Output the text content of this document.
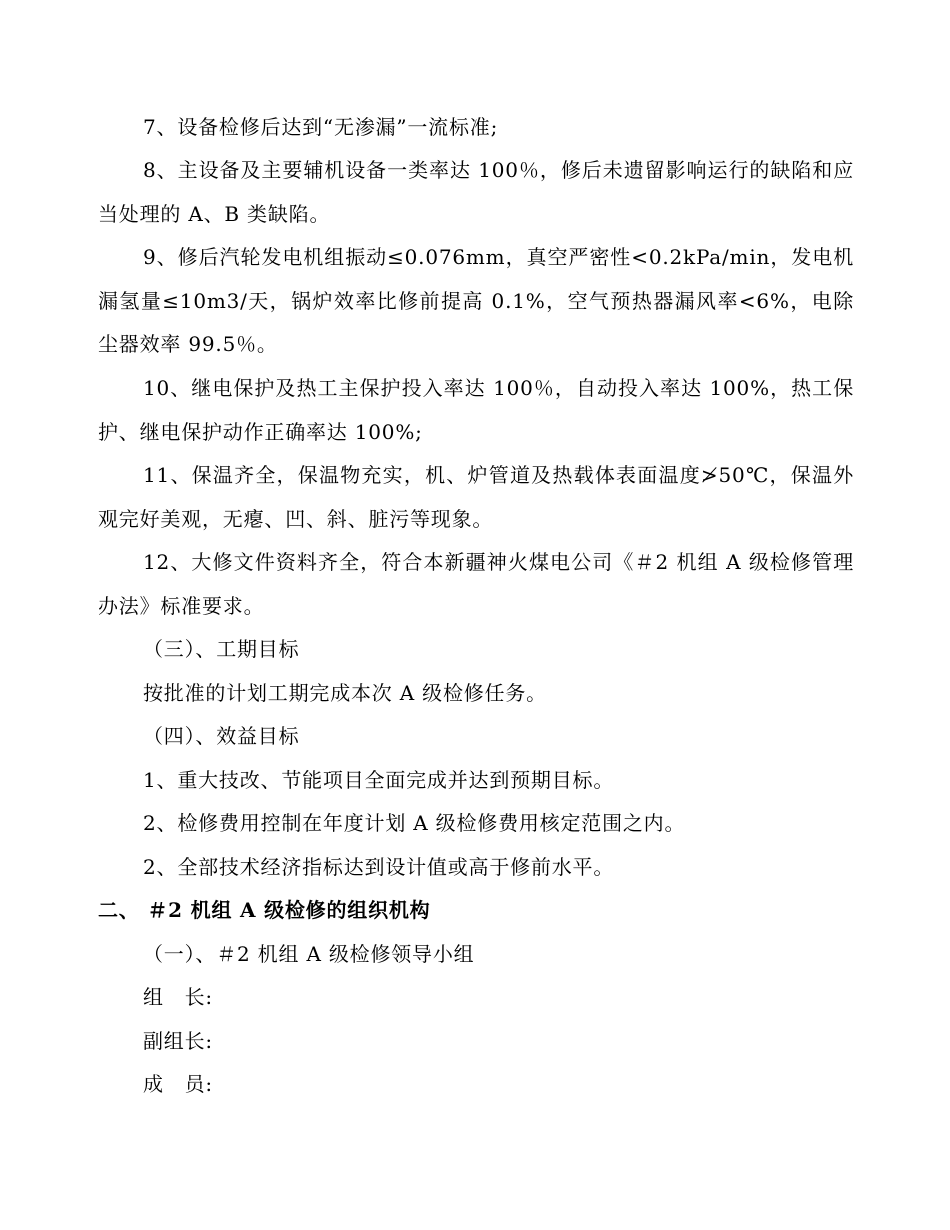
7、设备检修后达到“无渗漏”一流标准;

8、主设备及主要辅机设备一类率达 100％，修后未遗留影响运行的缺陷和应当处理的 A、B 类缺陷。

9、修后汽轮发电机组振动≤0.076mm，真空严密性<0.2kPa/min，发电机漏氢量≤10m3/天，锅炉效率比修前提高 0.1%，空气预热器漏风率<6%，电除尘器效率 99.5％。

10、继电保护及热工主保护投入率达 100％，自动投入率达 100%，热工保护、继电保护动作正确率达 100%;

11、保温齐全，保温物充实，机、炉管道及热载体表面温度≯50℃，保温外观完好美观，无瘪、凹、斜、脏污等现象。

12、大修文件资料齐全，符合本新疆神火煤电公司《＃2 机组 A 级检修管理办法》标准要求。

（三）、工期目标

按批准的计划工期完成本次 A 级检修任务。

（四）、效益目标

1、重大技改、节能项目全面完成并达到预期目标。

2、检修费用控制在年度计划 A 级检修费用核定范围之内。

2、全部技术经济指标达到设计值或高于修前水平。

二、 ＃2 机组 A 级检修的组织机构

（一）、＃2 机组 A 级检修领导小组

组　长:

副组长:

成　员:
